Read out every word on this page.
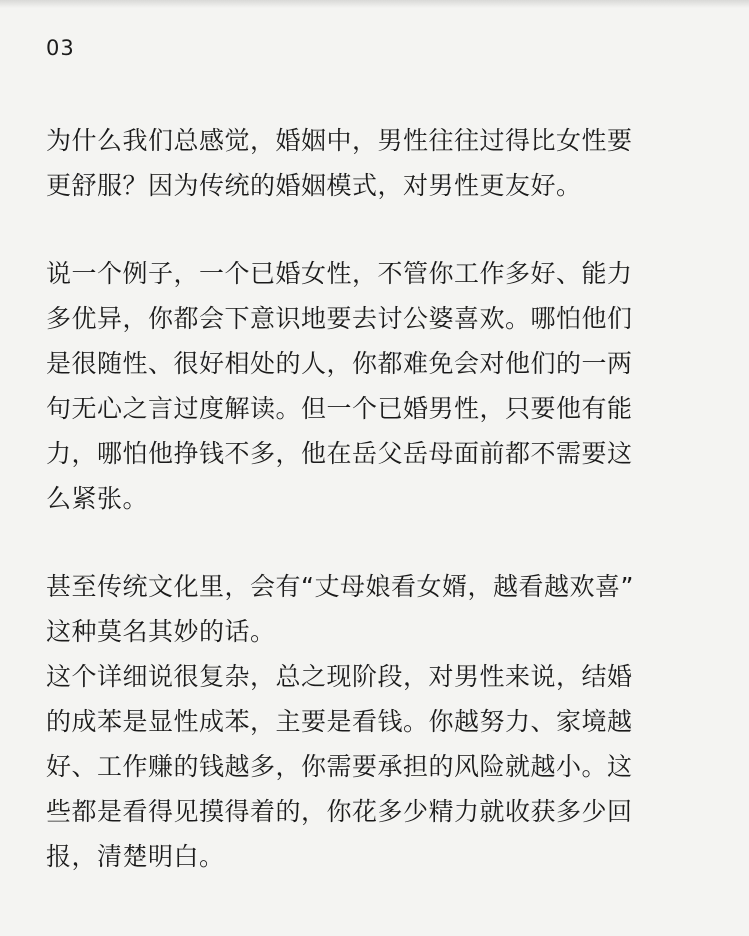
03
为什么我们总感觉，婚姻中，男性往往过得比女性要
更舒服？因为传统的婚姻模式，对男性更友好。
说一个例子，一个已婚女性，不管你工作多好、能力
多优异，你都会下意识地要去讨公婆喜欢。哪怕他们
是很随性、很好相处的人，你都难免会对他们的一两
句无心之言过度解读。但一个已婚男性，只要他有能
力，哪怕他挣钱不多，他在岳父岳母面前都不需要这
么紧张。
甚至传统文化里，会有“丈母娘看女婿，越看越欢喜”
这种莫名其妙的话。
这个详细说很复杂，总之现阶段，对男性来说，结婚
的成苯是显性成苯，主要是看钱。你越努力、家境越
好、工作赚的钱越多，你需要承担的风险就越小。这
些都是看得见摸得着的，你花多少精力就收获多少回
报，清楚明白。
